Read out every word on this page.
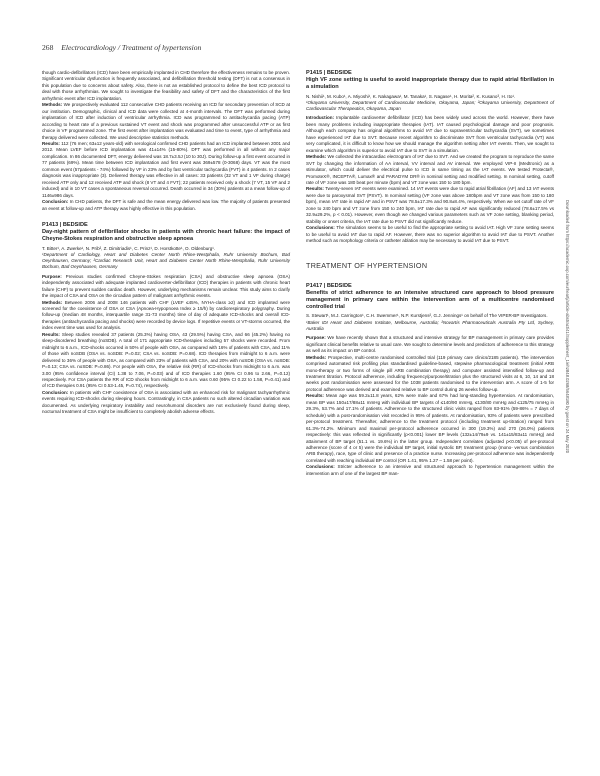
268 Electrocardiology / Treatment of hypertension

though cardio-defibrillators (ICD) have been empirically implanted in CHD therefore the effectiveness remains to be proven. Significant ventricular dysfunction is frequently associated, and defibrillation threshold testing (DFT) is not a consensus in this population due to concerns about safety. Also, there is not an established protocol to define the best ICD protocol to deal with those arrhythmias. We sought to investigate the feasibility and safety of DFT and the characteristics of the first arrhythmic event after ICD implantation.

Methods: We prospectively evaluated 112 consecutive CHD patients receiving an ICD for secondary prevention of SCD at our institution. Demographic, clinical and ICD data were collected at 4-month intervals. The DFT was performed during implantation of ICD after induction of ventricular arrhythmia. ICD was programmed to antitachycardia pacing (ATP) according to heart rate of a previous sustained VT event and shock was programmed after unsuccessful ATP or as first choice in VF programmed zone. The first event after implantation was evaluated and time to event, type of arrhythmia and therapy delivered were collected. We used descriptive statistics methods.

Results: 112 (76 men; 63±12 years-old) with serological confirmed CHD patients had an ICD implanted between 2001 and 2012. Mean LVEF before ICD implantation was 41±14% (15-80%). DFT was performed in all without any major complication. In 86 documented DFT, energy delivered was 18.7±3.5J (10 to 30J). During follow-up a first event occurred in 77 patients (69%). Mean time between ICD implantation and first event was 369±578 (0-3068) days. VT was the most common event (57patients - 74%) followed by VF in 23% and by fast ventricular tachycardia (FVT) in 4 patients. In 2 cases diagnosis was inappropriate (3). Delivered therapy was effective in all cases: 33 patients (32 VT and 1 VF during charge) received ATP only and 12 received ATP and shock (8 VT and 4 FVT); 22 patients received only a shock (7 VT, 15 VF and 2 induced) and in 10 VT cases a spontaneous reversal occurred. Death occurred in 34 (30%) patients at a mean follow-up of 1146±986 days.

Conclusion: In CHD patients, the DFT is safe and the mean energy delivered was low. The majority of patients presented an event at follow-up and ATP therapy was highly effective in this population.

P1413 | BEDSIDE
Day-night pattern of defibrillator shocks in patients with chronic heart failure: the impact of Cheyne-Stokes respiration and obstructive sleep apnoea
T. Bitter¹, A. Zwerke¹, N. Prib², Z. Dimitriadis¹, C. Prinz¹, D. Horstkotte¹, O. Oldenburg¹.
¹Department of Cardiology, Heart and Diabetes Center North Rhine-Westphalia, Ruhr University Bochum, Bad Oeynhausen, Germany; ²Cardiac Research Unit, Heart and Diabetes Center North Rhine-Westphalia, Ruhr University Bochum, Bad Oeynhausen, Germany

Purpose: Previous studies confirmed Cheyne-Stokes respiration (CSA) and obstructive sleep apnoea (OSA) independently associated with adequate implanted cardioverter-defibrillator (ICD) therapies in patients with chronic heart failure (CHF) to prevent sudden cardiac death. However, underlying mechanisms remain unclear. This study aims to clarify the impact of CSA and OSA on the circadian pattern of malignant arrhythmic events.

Methods: Between 2006 and 2008 146 patients with CHF (LVEF ≤45%, NYHA-class ≥2) and ICD implanted were screened for the coexistence of OSA or CSA (Apnoea-Hypopnoea Index ≥ 15/h) by cardiorespiratory polygraphy. During follow-up (median 48 months, interquartile range 31-73 months) time of day of adequate ICD-shocks and overall ICD-therapies (antitachycardia pacing and shocks) were recorded by device logs. If repetitive events or VT-storms occurred, the index event time was used for analysis.

Results: Sleep studies revealed 37 patients (25.3%) having OSA, 43 (29.5%) having CSA, and 66 (45.2%) having no sleep-disordered breathing (noSDB). A total of 171 appropriate ICD-therapies including 57 shocks were recorded. From midnight to 6 a.m., ICD-shocks occurred in 50% of people with OSA, as compared with 16% of patients with CSA, and 11% of those with noSDB (OSA vs. noSDB: P=0.02; CSA vs. noSDB: P=0.68). ICD therapies from midnight to 6 a.m. were delivered to 36% of people with OSA, as compared with 23% of patients with CSA, and 20% with noSDB (OSA vs. noSDB: P=0.13; CSA vs. noSDB: P=0.86). For people with OSA, the relative risk (RR) of ICD-shocks from midnight to 6 a.m. was 3.00 (95% confidence interval (CI) 1.38 to 7.06, P=0.03) and of ICD therapies 1.60 (95% CI 0.96 to 2.66, P=0.12) respectively. For CSA patients the RR of ICD shocks from midnight to 6 a.m. was 0.60 (95% CI 0.22 to 1.58, P=0.41) and of ICD therapies 0.91 (95% CI 0.53-1.45, P=0.74), respectively.

Conclusion: In patients with CHF coexistence of OSA is associated with an enhanced risk for malignant tachyarrhythmic events requiring ICD-shocks during sleeping hours. Contrastingly, in CSA patients no such altered circadian variation was documented. As underlying respiratory instability and neurohumoral disorders are not exclusively found during sleep, nocturnal treatment of CSA might be insufficient to completely abolish adverse effects.

P1415 | BEDSIDE
High VF zone setting is useful to avoid inappropriate therapy due to rapid atrial fibrillation in a simulation
N. Nishii¹, M. Kubo¹, A. Miyoshi¹, K. Nakagawa¹, M. Tanaka¹, S. Nagase¹, H. Morita², K. Kusano³, H. Ito¹.
¹Okayama University, Department of Cardiovascular Medicine, Okayama, Japan; ²Okayama University, Department of Cardiovascular Therapeutics, Okayama, Japan

Introduction: Implantable cardioverter defibrillator (ICD) has been widely used across the world. However, there have been many problems including inappropriate therapies (IAT). IAT caused psychological damage and poor prognosis. Although each company has original algorithms to avoid IAT due to supraventricular tachycardia (SVT), we sometimes have experienced IAT due to SVT. Because recent algorithm to discriminate SVT from ventricular tachycardia (VT) was very complicated, it is difficult to know how we should manage the algorithm setting after IAT events. Then, we sought to examine which algorithm is superior to avoid IAT due to SVT in a simulation.

Methods: We collected the intracardiac electrogram of IAT due to SVT. And we created the program to reproduce the same SVT by changing the information of AA interval, VV interval and AV interval. We employed VIP-II (Medtronic) as a stimulator, which could deliver the electrical pulse to ICD in same timing as the IAT events. We tested Protecta®, PromoteX®, INCEPTA®, Lumax® and PARADYM DR® in nominal setting and modified setting. In nominal setting, cutoff rate of VF zone was 180 beat per minute (bpm) and VT zone was 150 to 180 bpm.

Results: Twenty-seven IAT events were examined. 14 IAT events were due to rapid atrial fibrillation (AF) and 13 IAT events were due to paroxysmal SVT (PSVT). In nominal setting (VF zone was above 180bpm and VT zone was from 150 to 180 bpm), mean IAT rate in rapid AF and in PSVT was 78.5±17.3% and 90.8±8.4%, respectively. When we set cutoff rate of VF zone to 240 bpm and VT zone from 150 to 240 bpm, IAT rate due to rapid AF was significantly reduced (78.6±17.5% vs 32.9±29.2%, p < 0.01). However, even though we changed various parameters such as VF zone setting, blanking period, stability or onset criteria, the IAT rate due to PSVT did not significantly reduce.

Conclusions: The simulation seems to be useful to find the appropriate setting to avoid IAT. High VF zone setting seems to be useful to avoid IAT due to rapid AF. However, there was no superior algorithm to avoid IAT due to PSVT. Another method such as morphology criteria or catheter ablation may be necessary to avoid IAT due to PSVT.

TREATMENT OF HYPERTENSION
P1417 | BEDSIDE
Benefits of strict adherence to an intensive structured care approach to blood pressure management in primary care within the intervention arm of a multicentre randomised controlled trial
S. Stewart¹, M.J. Carrington¹, C.H. Swemmer¹, N.P. Kurstjens², G.J. Jennings¹ on behalf of The VIPER-BP Investigators.
¹Baker IDI Heart and Diabetes Institute, Melbourne, Australia; ²Novartis Pharmaceuticals Australia Pty Ltd, Sydney, Australia

Purpose: We have recently shown that a structured and intensive strategy for BP management in primary care provides significant clinical benefits relative to usual care. We sought to determine levels and predictors of adherence to this strategy as well as its impact on BP control.

Methods: Prospective, multi-centre randomised controlled trial (119 primary care clinics/2185 patients). The intervention comprised automated risk profiling plus standardised guideline-based, stepwise pharmacological treatment (initial ARB mono-therapy or two forms of single pill ARB combination therapy) and computer assisted intensified follow-up and treatment titration. Protocol adherence, including frequency/purpose/titration plus the structured visits at 6, 10, 14 and 18 weeks post randomisation were assessed for the 1038 patients randomised to the intervention arm. A score of 1-5 for protocol adherence was derived and examined relative to BP control during 26 weeks follow-up.

Results: Mean age was 59.2±11.8 years, 62% were male and 67% had long-standing hypertension. At randomisation, mean BP was 150±17/88±11 mmHg with individual BP targets of ≤140/90 mmHg, ≤130/80 mmHg and ≤125/75 mmHg in 29.3%, 53.7% and 17.1% of patients. Adherence to the structured clinic visits ranged from 83-91% (59-86% = 7 days of schedule) with a post-randomisation visit recorded in 95% of patients. At randomisation, 93% of patients were prescribed per-protocol treatment. Thereafter, adherence to the treatment protocol (including treatment up-titration) ranged from 61.3%-74.2%. Minimum and maximal per-protocol adherence occurred in 300 (19.3%) and 270 (26.0%) patients respectively: this was reflected in significantly (p<0.001) lower BP levels (132±14/79±9 vs. 141±15/83±11 mmHg) and attainment of BP target (51.1 vs. 19.6%) in the latter group. Independent correlates (adjusted p<0.05) of per-protocol adherence (score of 4 or 5) were the individual BP target, initial systolic BP, treatment group (mono- versus combination ARB therapy), race, type of clinic and presence of a practice nurse. Increasing per-protocol adherence was independently correlated with reaching individual BP control (OR 1.41, 95% 1.27 – 1.58 per point).

Conclusions: Stricter adherence to an intensive and structured approach to hypertension management within the intervention arm of one of the largest BP man-

Downloaded from https://academic.oup.com/eurheartj/article-abstract/41/Supplement_1/ehz848.0268/5648180 by guest on 24 May 2020
